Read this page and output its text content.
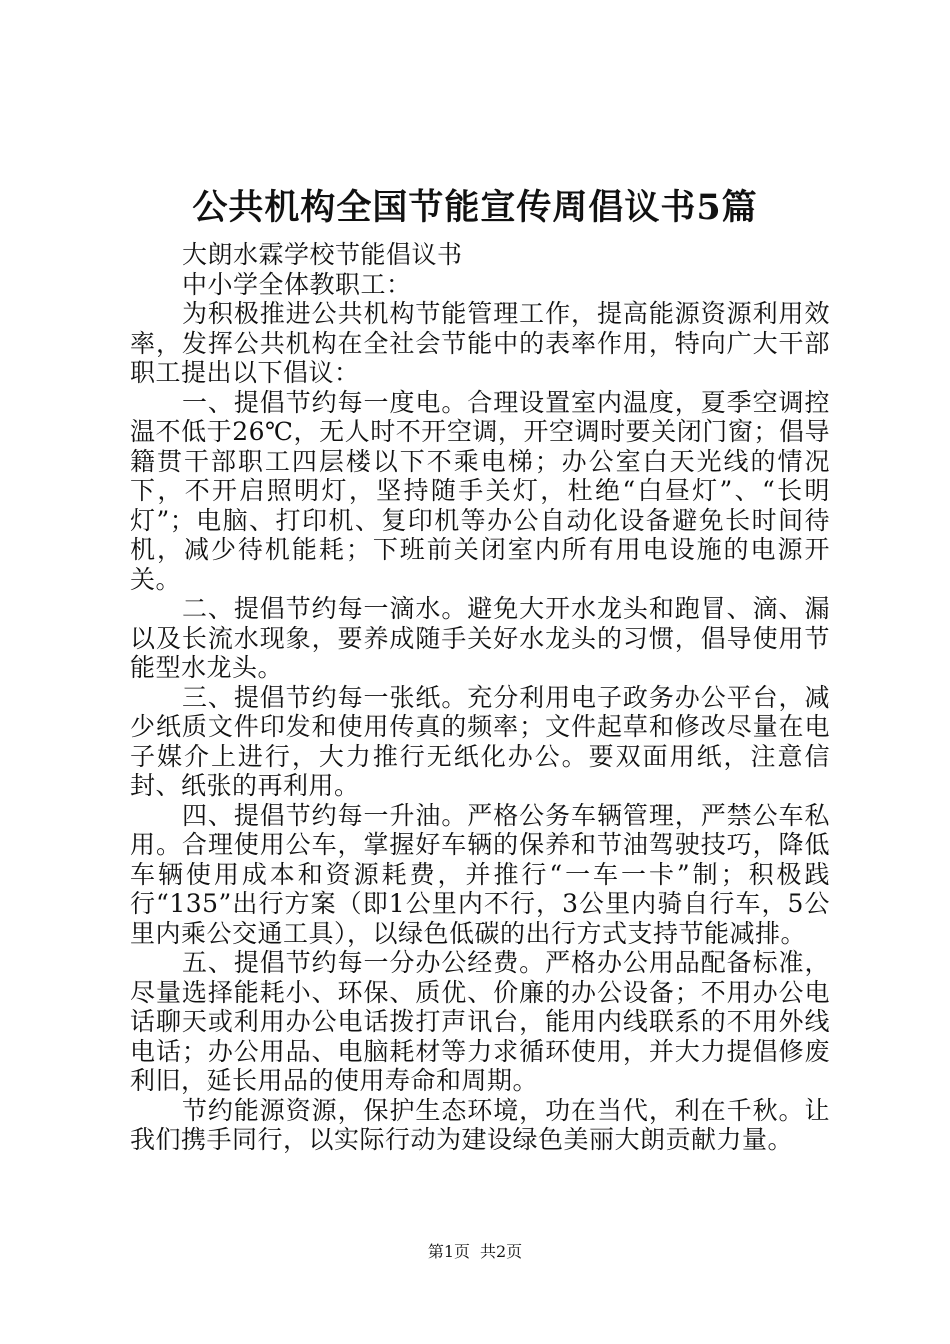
公共机构全国节能宣传周倡议书5篇

大朗水霖学校节能倡议书

中小学全体教职工：

为积极推进公共机构节能管理工作，提高能源资源利用效率，发挥公共机构在全社会节能中的表率作用，特向广大干部职工提出以下倡议：

一、提倡节约每一度电。合理设置室内温度，夏季空调控温不低于26℃，无人时不开空调，开空调时要关闭门窗；倡导籍贯干部职工四层楼以下不乘电梯；办公室白天光线的情况下，不开启照明灯，坚持随手关灯，杜绝“白昼灯”、“长明灯”；电脑、打印机、复印机等办公自动化设备避免长时间待机，减少待机能耗；下班前关闭室内所有用电设施的电源开关。

二、提倡节约每一滴水。避免大开水龙头和跑冒、滴、漏以及长流水现象，要养成随手关好水龙头的习惯，倡导使用节能型水龙头。

三、提倡节约每一张纸。充分利用电子政务办公平台，减少纸质文件印发和使用传真的频率；文件起草和修改尽量在电子媒介上进行，大力推行无纸化办公。要双面用纸，注意信封、纸张的再利用。

四、提倡节约每一升油。严格公务车辆管理，严禁公车私用。合理使用公车，掌握好车辆的保养和节油驾驶技巧，降低车辆使用成本和资源耗费，并推行“一车一卡”制；积极践行“135”出行方案（即1公里内不行，3公里内骑自行车，5公里内乘公交通工具），以绿色低碳的出行方式支持节能减排。

五、提倡节约每一分办公经费。严格办公用品配备标准，尽量选择能耗小、环保、质优、价廉的办公设备；不用办公电话聊天或利用办公电话拨打声讯台，能用内线联系的不用外线电话；办公用品、电脑耗材等力求循环使用，并大力提倡修废利旧，延长用品的使用寿命和周期。

节约能源资源，保护生态环境，功在当代，利在千秋。让我们携手同行，以实际行动为建设绿色美丽大朗贡献力量。

第1页 共2页
